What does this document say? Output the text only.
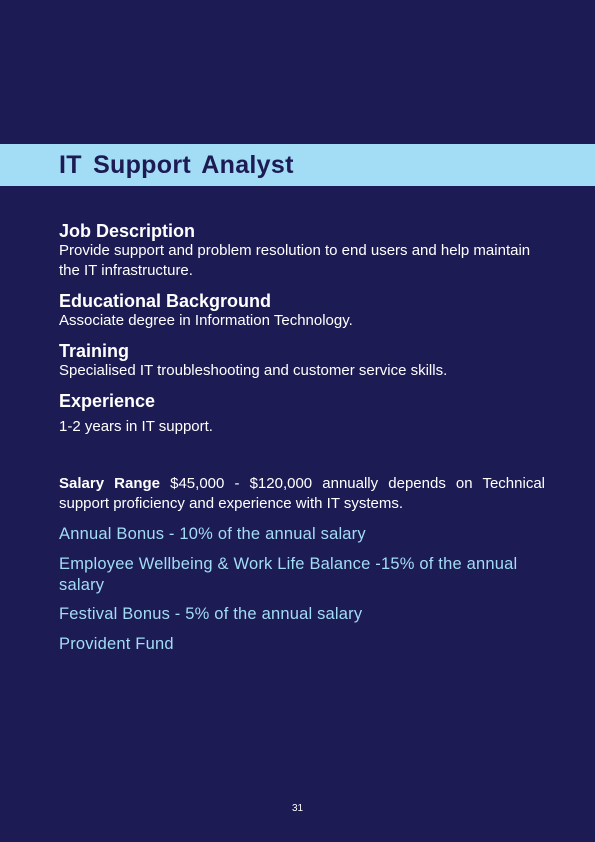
IT Support Analyst
Job Description
Provide support and problem resolution to end users and help maintain the IT infrastructure.
Educational Background
Associate degree in Information Technology.
Training
Specialised IT troubleshooting and customer service skills.
Experience
1-2 years in IT support.
Salary Range $45,000 - $120,000 annually depends on Technical support proficiency and experience with IT systems.
Annual Bonus - 10% of the annual salary
Employee Wellbeing & Work Life Balance -15% of the annual salary
Festival Bonus - 5% of the annual salary
Provident Fund
31
